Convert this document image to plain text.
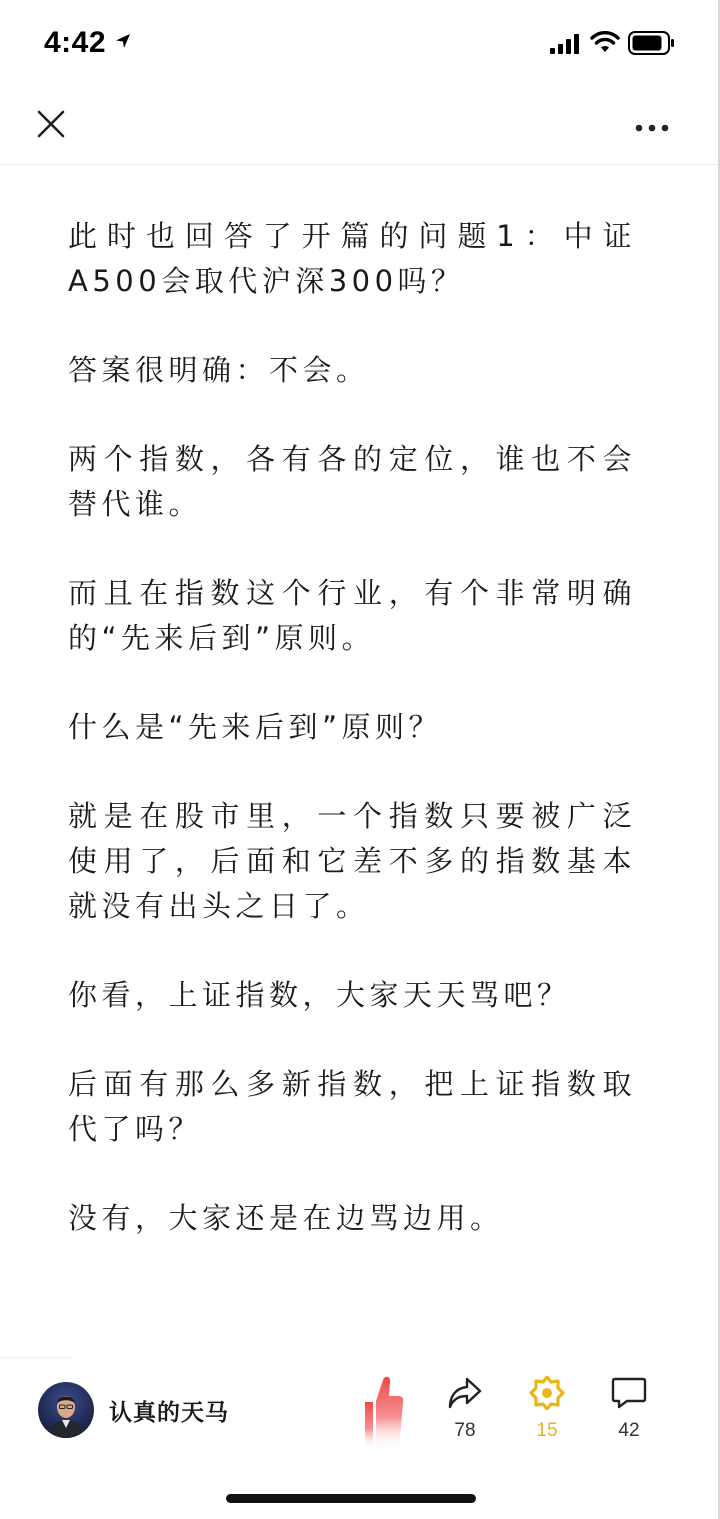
4:42

此时也回答了开篇的问题1：中证A500会取代沪深300吗？

答案很明确：不会。

两个指数，各有各的定位，谁也不会替代谁。

而且在指数这个行业，有个非常明确的“先来后到”原则。

什么是“先来后到”原则？

就是在股市里，一个指数只要被广泛使用了，后面和它差不多的指数基本就没有出头之日了。

你看，上证指数，大家天天骂吧？

后面有那么多新指数，把上证指数取代了吗？

没有，大家还是在边骂边用。

认真的天马
78	15	42
